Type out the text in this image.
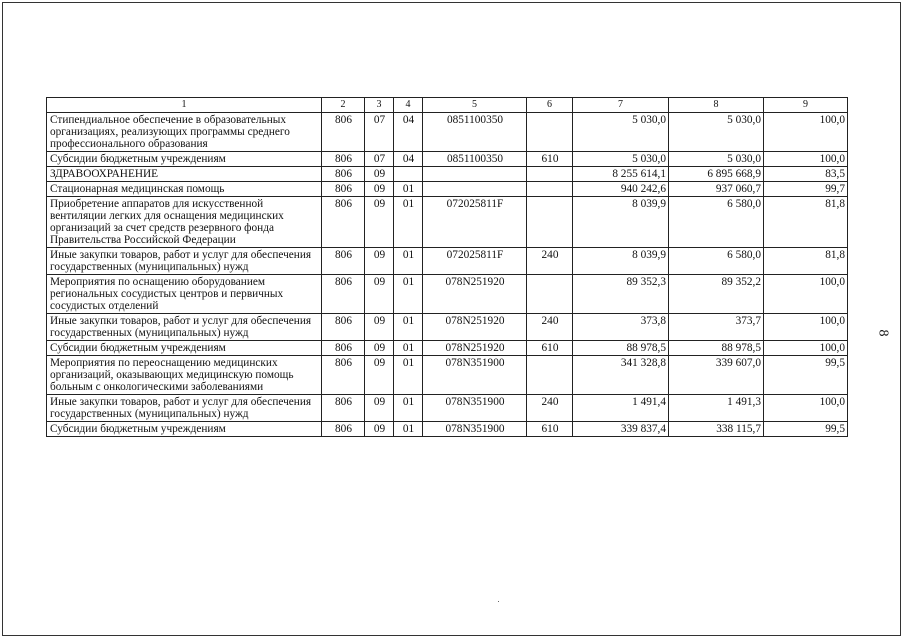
1	2	3	4	5	6	7	8	9
Стипендиальное обеспечение в образовательных организациях, реализующих программы среднего профессионального образования	806	07	04	0851100350		5 030,0	5 030,0	100,0
Субсидии бюджетным учреждениям	806	07	04	0851100350	610	5 030,0	5 030,0	100,0
ЗДРАВООХРАНЕНИЕ	806	09				8 255 614,1	6 895 668,9	83,5
Стационарная медицинская помощь	806	09	01			940 242,6	937 060,7	99,7
Приобретение аппаратов для искусственной вентиляции легких для оснащения медицинских организаций за счет средств резервного фонда Правительства Российской Федерации	806	09	01	072025811F		8 039,9	6 580,0	81,8
Иные закупки товаров, работ и услуг для обеспечения государственных (муниципальных) нужд	806	09	01	072025811F	240	8 039,9	6 580,0	81,8
Мероприятия по оснащению оборудованием региональных сосудистых центров и первичных сосудистых отделений	806	09	01	078N251920		89 352,3	89 352,2	100,0
Иные закупки товаров, работ и услуг для обеспечения государственных (муниципальных) нужд	806	09	01	078N251920	240	373,8	373,7	100,0
Субсидии бюджетным учреждениям	806	09	01	078N251920	610	88 978,5	88 978,5	100,0
Мероприятия по переоснащению медицинских организаций, оказывающих медицинскую помощь больным с онкологическими заболеваниями	806	09	01	078N351900		341 328,8	339 607,0	99,5
Иные закупки товаров, работ и услуг для обеспечения государственных (муниципальных) нужд	806	09	01	078N351900	240	1 491,4	1 491,3	100,0
Субсидии бюджетным учреждениям	806	09	01	078N351900	610	339 837,4	338 115,7	99,5
8
